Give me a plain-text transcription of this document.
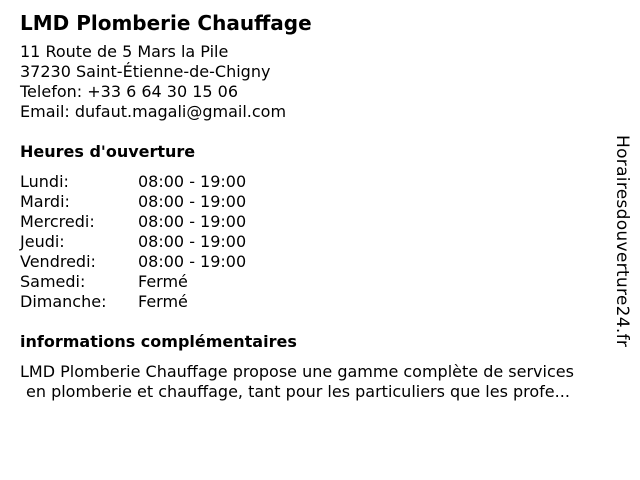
LMD Plomberie Chauffage
11 Route de 5 Mars la Pile
37230 Saint-Étienne-de-Chigny
Telefon: +33 6 64 30 15 06
Email: dufaut.magali@gmail.com
Heures d'ouverture
Lundi:	08:00 - 19:00
Mardi:	08:00 - 19:00
Mercredi:	08:00 - 19:00
Jeudi:	08:00 - 19:00
Vendredi:	08:00 - 19:00
Samedi:	Fermé
Dimanche:	Fermé
informations complémentaires
LMD Plomberie Chauffage propose une gamme complète de services
en plomberie et chauffage, tant pour les particuliers que les profe...
Horairesdouverture24.fr
